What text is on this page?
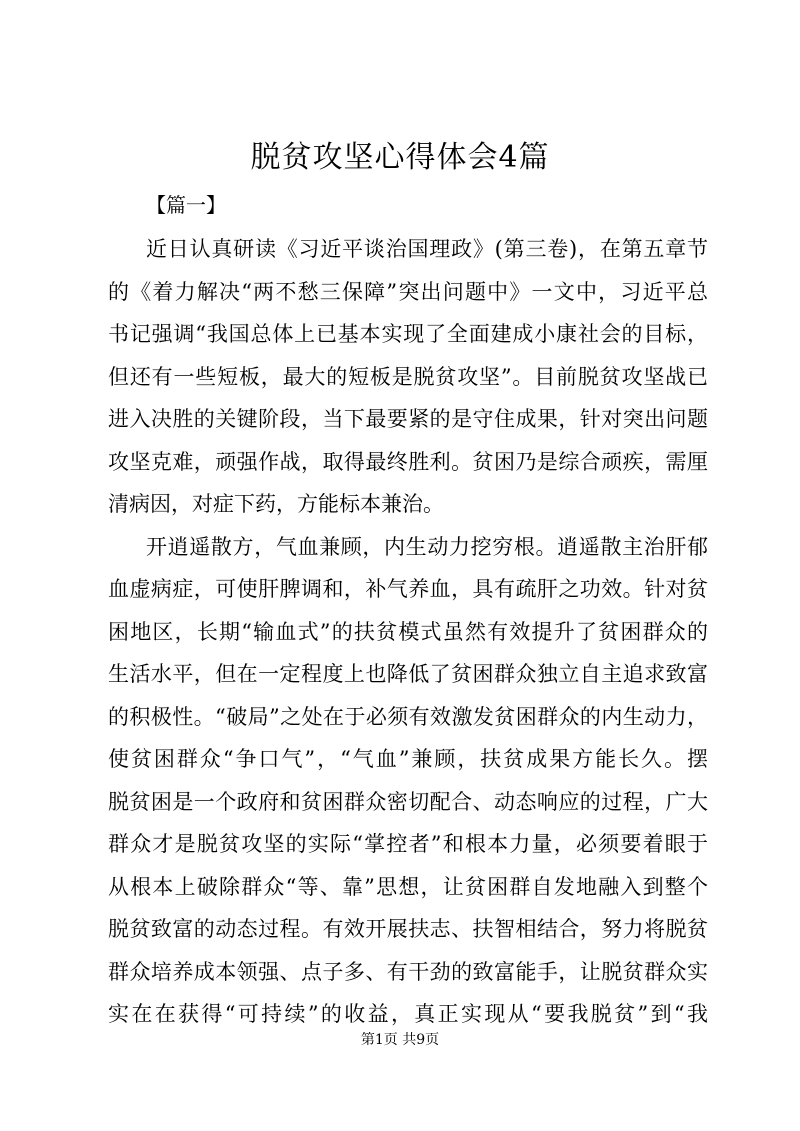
脱贫攻坚心得体会4篇
【篇一】
近日认真研读《习近平谈治国理政》(第三卷)，在第五章节
的《着力解决“两不愁三保障”突出问题中》一文中，习近平总
书记强调“我国总体上已基本实现了全面建成小康社会的目标，
但还有一些短板，最大的短板是脱贫攻坚”。目前脱贫攻坚战已
进入决胜的关键阶段，当下最要紧的是守住成果，针对突出问题
攻坚克难，顽强作战，取得最终胜利。贫困乃是综合顽疾，需厘
清病因，对症下药，方能标本兼治。
开逍遥散方，气血兼顾，内生动力挖穷根。逍遥散主治肝郁
血虚病症，可使肝脾调和，补气养血，具有疏肝之功效。针对贫
困地区，长期“输血式”的扶贫模式虽然有效提升了贫困群众的
生活水平，但在一定程度上也降低了贫困群众独立自主追求致富
的积极性。“破局”之处在于必须有效激发贫困群众的内生动力，
使贫困群众“争口气”，“气血”兼顾，扶贫成果方能长久。摆
脱贫困是一个政府和贫困群众密切配合、动态响应的过程，广大
群众才是脱贫攻坚的实际“掌控者”和根本力量，必须要着眼于
从根本上破除群众“等、靠”思想，让贫困群自发地融入到整个
脱贫致富的动态过程。有效开展扶志、扶智相结合，努力将脱贫
群众培养成本领强、点子多、有干劲的致富能手，让脱贫群众实
实在在获得“可持续”的收益，真正实现从“要我脱贫”到“我
第1页 共9页
